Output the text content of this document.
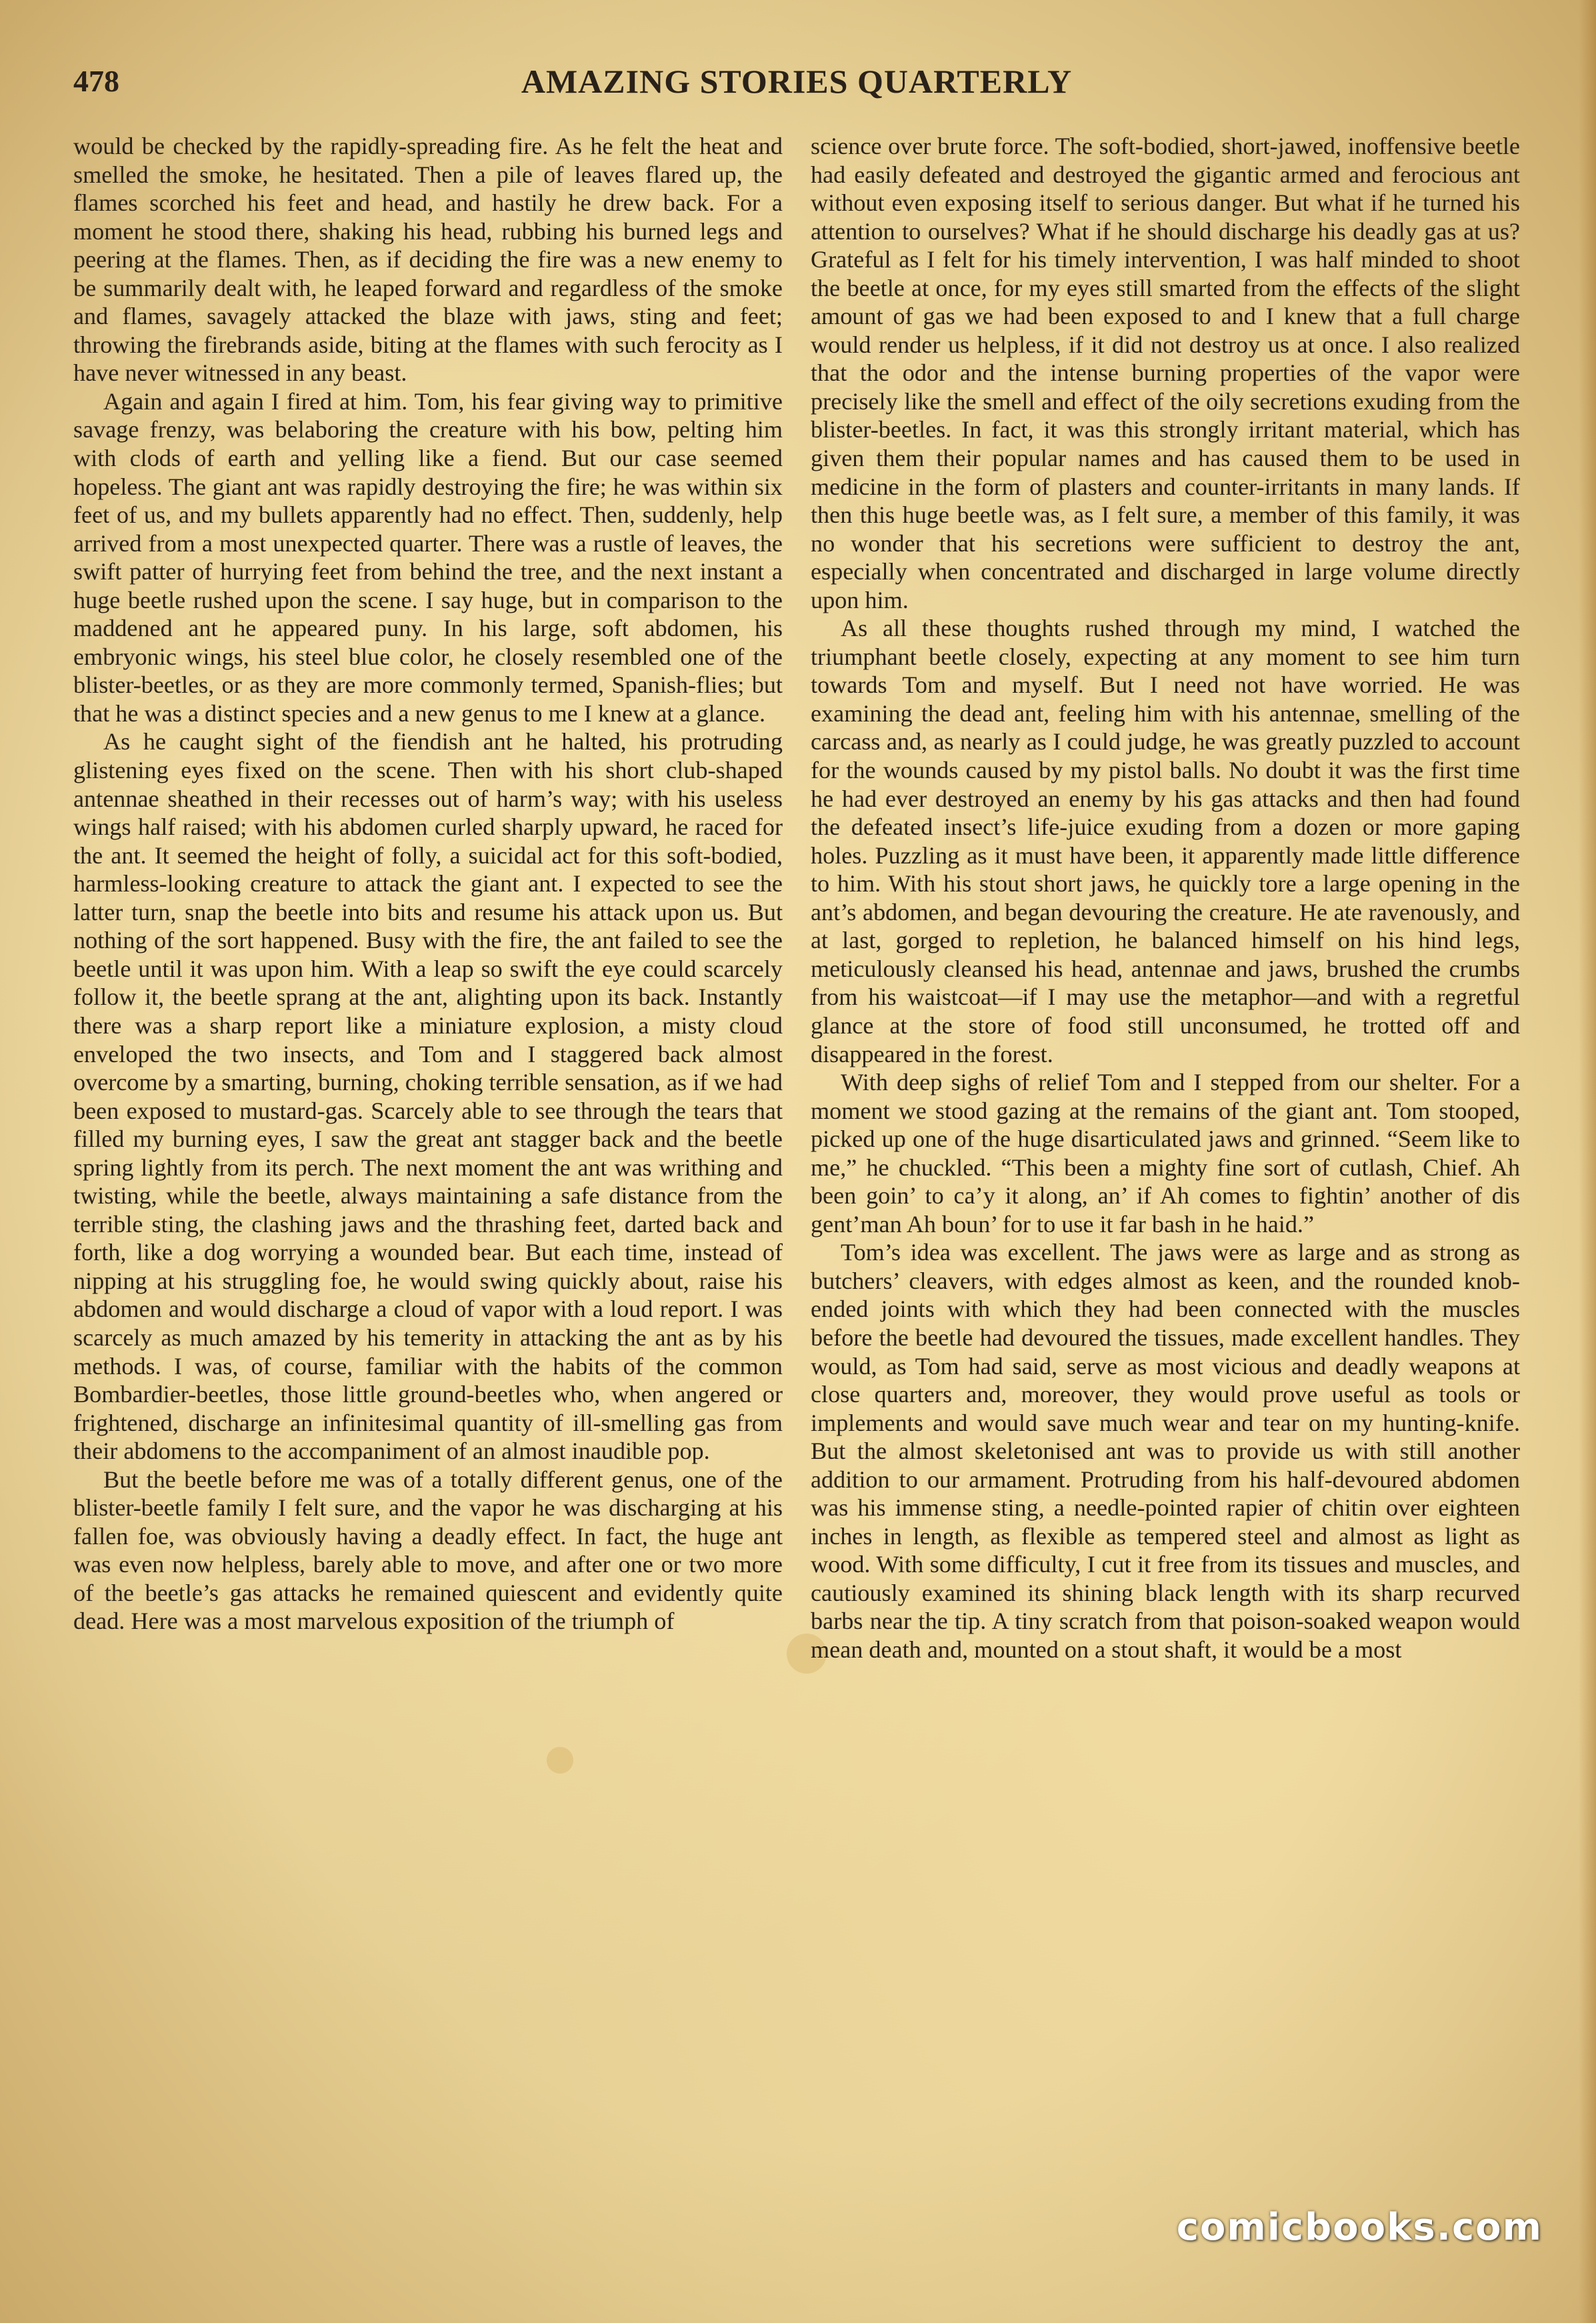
478	AMAZING STORIES QUARTERLY

would be checked by the rapidly-spreading fire. As he felt the heat and smelled the smoke, he hesitated. Then a pile of leaves flared up, the flames scorched his feet and head, and hastily he drew back. For a moment he stood there, shaking his head, rubbing his burned legs and peering at the flames. Then, as if deciding the fire was a new enemy to be summarily dealt with, he leaped forward and regardless of the smoke and flames, savagely attacked the blaze with jaws, sting and feet; throwing the firebrands aside, biting at the flames with such ferocity as I have never witnessed in any beast.

Again and again I fired at him. Tom, his fear giving way to primitive savage frenzy, was belaboring the creature with his bow, pelting him with clods of earth and yelling like a fiend. But our case seemed hopeless. The giant ant was rapidly destroying the fire; he was within six feet of us, and my bullets apparently had no effect. Then, suddenly, help arrived from a most unexpected quarter. There was a rustle of leaves, the swift patter of hurrying feet from behind the tree, and the next instant a huge beetle rushed upon the scene. I say huge, but in comparison to the maddened ant he appeared puny. In his large, soft abdomen, his embryonic wings, his steel blue color, he closely resembled one of the blister-beetles, or as they are more commonly termed, Spanish-flies; but that he was a distinct species and a new genus to me I knew at a glance.

As he caught sight of the fiendish ant he halted, his protruding glistening eyes fixed on the scene. Then with his short club-shaped antennae sheathed in their recesses out of harm’s way; with his useless wings half raised; with his abdomen curled sharply upward, he raced for the ant. It seemed the height of folly, a suicidal act for this soft-bodied, harmless-looking creature to attack the giant ant. I expected to see the latter turn, snap the beetle into bits and resume his attack upon us. But nothing of the sort happened. Busy with the fire, the ant failed to see the beetle until it was upon him. With a leap so swift the eye could scarcely follow it, the beetle sprang at the ant, alighting upon its back. Instantly there was a sharp report like a miniature explosion, a misty cloud enveloped the two insects, and Tom and I staggered back almost overcome by a smarting, burning, choking terrible sensation, as if we had been exposed to mustard-gas. Scarcely able to see through the tears that filled my burning eyes, I saw the great ant stagger back and the beetle spring lightly from its perch. The next moment the ant was writhing and twisting, while the beetle, always maintaining a safe distance from the terrible sting, the clashing jaws and the thrashing feet, darted back and forth, like a dog worrying a wounded bear. But each time, instead of nipping at his struggling foe, he would swing quickly about, raise his abdomen and would discharge a cloud of vapor with a loud report. I was scarcely as much amazed by his temerity in attacking the ant as by his methods. I was, of course, familiar with the habits of the common Bombardier-beetles, those little ground-beetles who, when angered or frightened, discharge an infinitesimal quantity of ill-smelling gas from their abdomens to the accompaniment of an almost inaudible pop.

But the beetle before me was of a totally different genus, one of the blister-beetle family I felt sure, and the vapor he was discharging at his fallen foe, was obviously having a deadly effect. In fact, the huge ant was even now helpless, barely able to move, and after one or two more of the beetle’s gas attacks he remained quiescent and evidently quite dead. Here was a most marvelous exposition of the triumph of

science over brute force. The soft-bodied, short-jawed, inoffensive beetle had easily defeated and destroyed the gigantic armed and ferocious ant without even exposing itself to serious danger. But what if he turned his attention to ourselves? What if he should discharge his deadly gas at us? Grateful as I felt for his timely intervention, I was half minded to shoot the beetle at once, for my eyes still smarted from the effects of the slight amount of gas we had been exposed to and I knew that a full charge would render us helpless, if it did not destroy us at once. I also realized that the odor and the intense burning properties of the vapor were precisely like the smell and effect of the oily secretions exuding from the blister-beetles. In fact, it was this strongly irritant material, which has given them their popular names and has caused them to be used in medicine in the form of plasters and counter-irritants in many lands. If then this huge beetle was, as I felt sure, a member of this family, it was no wonder that his secretions were sufficient to destroy the ant, especially when concentrated and discharged in large volume directly upon him.

As all these thoughts rushed through my mind, I watched the triumphant beetle closely, expecting at any moment to see him turn towards Tom and myself. But I need not have worried. He was examining the dead ant, feeling him with his antennae, smelling of the carcass and, as nearly as I could judge, he was greatly puzzled to account for the wounds caused by my pistol balls. No doubt it was the first time he had ever destroyed an enemy by his gas attacks and then had found the defeated insect’s life-juice exuding from a dozen or more gaping holes. Puzzling as it must have been, it apparently made little difference to him. With his stout short jaws, he quickly tore a large opening in the ant’s abdomen, and began devouring the creature. He ate ravenously, and at last, gorged to repletion, he balanced himself on his hind legs, meticulously cleansed his head, antennae and jaws, brushed the crumbs from his waistcoat—if I may use the metaphor—and with a regretful glance at the store of food still unconsumed, he trotted off and disappeared in the forest.

With deep sighs of relief Tom and I stepped from our shelter. For a moment we stood gazing at the remains of the giant ant. Tom stooped, picked up one of the huge disarticulated jaws and grinned. “Seem like to me,” he chuckled. “This been a mighty fine sort of cutlash, Chief. Ah been goin’ to ca’y it along, an’ if Ah comes to fightin’ another of dis gent’man Ah boun’ for to use it far bash in he haid.”

Tom’s idea was excellent. The jaws were as large and as strong as butchers’ cleavers, with edges almost as keen, and the rounded knob-ended joints with which they had been connected with the muscles before the beetle had devoured the tissues, made excellent handles. They would, as Tom had said, serve as most vicious and deadly weapons at close quarters and, moreover, they would prove useful as tools or implements and would save much wear and tear on my hunting-knife. But the almost skeletonised ant was to provide us with still another addition to our armament. Protruding from his half-devoured abdomen was his immense sting, a needle-pointed rapier of chitin over eighteen inches in length, as flexible as tempered steel and almost as light as wood. With some difficulty, I cut it free from its tissues and muscles, and cautiously examined its shining black length with its sharp recurved barbs near the tip. A tiny scratch from that poison-soaked weapon would mean death and, mounted on a stout shaft, it would be a most

comicbooks.com
